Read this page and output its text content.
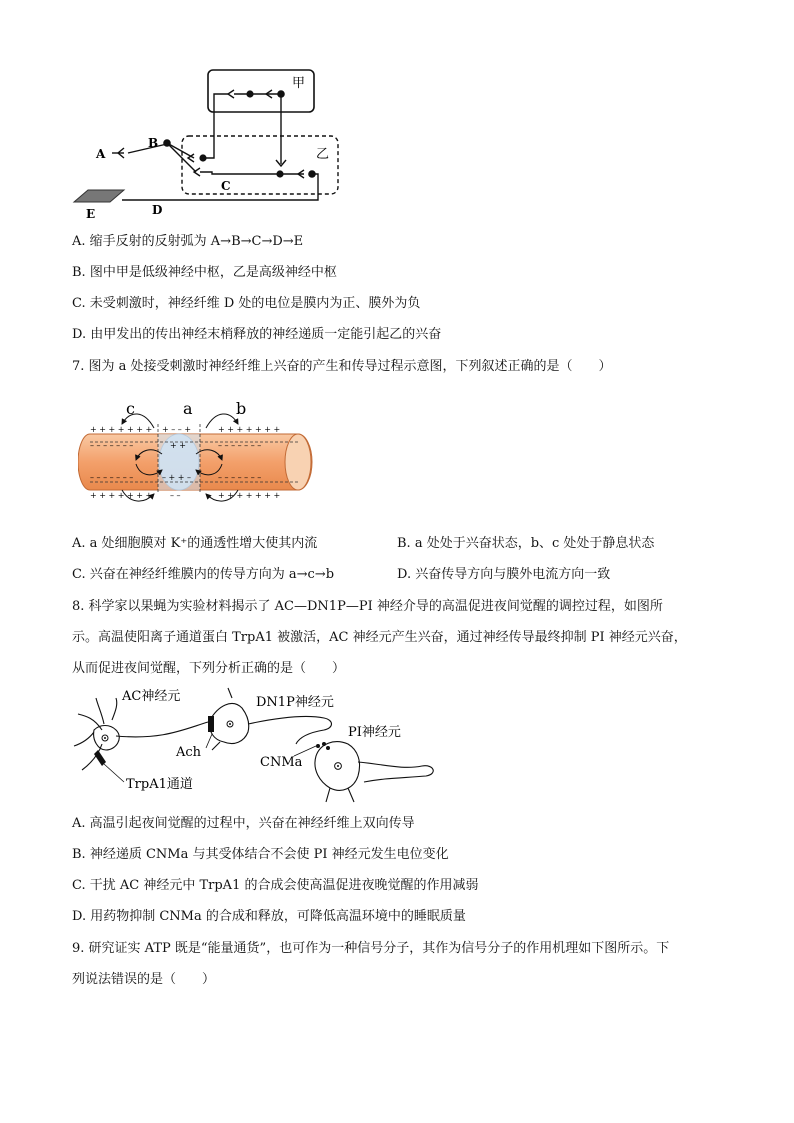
A
B
C
D
E
甲
乙
A. 缩手反射的反射弧为 A→B→C→D→E
B. 图中甲是低级神经中枢，乙是高级神经中枢
C. 未受刺激时，神经纤维 D 处的电位是膜内为正、膜外为负
D. 由甲发出的传出神经末梢释放的神经递质一定能引起乙的兴奋
7. 图为 a 处接受刺激时神经纤维上兴奋的产生和传导过程示意图，下列叙述正确的是（　　）
c	a	b
+ + + + + + + + – – +	+ + + + + + +
– – – – – – –	+ +	– – – – – – –
– – – – – – –	– + + –	– – – – – – –
+ + + + + + + – –	+ + + + + + +
A. a 处细胞膜对 K⁺的通透性增大使其内流	B. a 处处于兴奋状态，b、c 处处于静息状态
C. 兴奋在神经纤维膜内的传导方向为 a→c→b	D. 兴奋传导方向与膜外电流方向一致
8. 科学家以果蝇为实验材料揭示了 AC—DN1P—PI 神经介导的高温促进夜间觉醒的调控过程，如图所
示。高温使阳离子通道蛋白 TrpA1 被激活，AC 神经元产生兴奋，通过神经传导最终抑制 PI 神经元兴奋，
从而促进夜间觉醒，下列分析正确的是（　　）
AC神经元	DN1P神经元
PI神经元
Ach
CNMa
TrpA1通道
A. 高温引起夜间觉醒的过程中，兴奋在神经纤维上双向传导
B. 神经递质 CNMa 与其受体结合不会使 PI 神经元发生电位变化
C. 干扰 AC 神经元中 TrpA1 的合成会使高温促进夜晚觉醒的作用减弱
D. 用药物抑制 CNMa 的合成和释放，可降低高温环境中的睡眠质量
9. 研究证实 ATP 既是“能量通货”，也可作为一种信号分子，其作为信号分子的作用机理如下图所示。下
列说法错误的是（　　）
